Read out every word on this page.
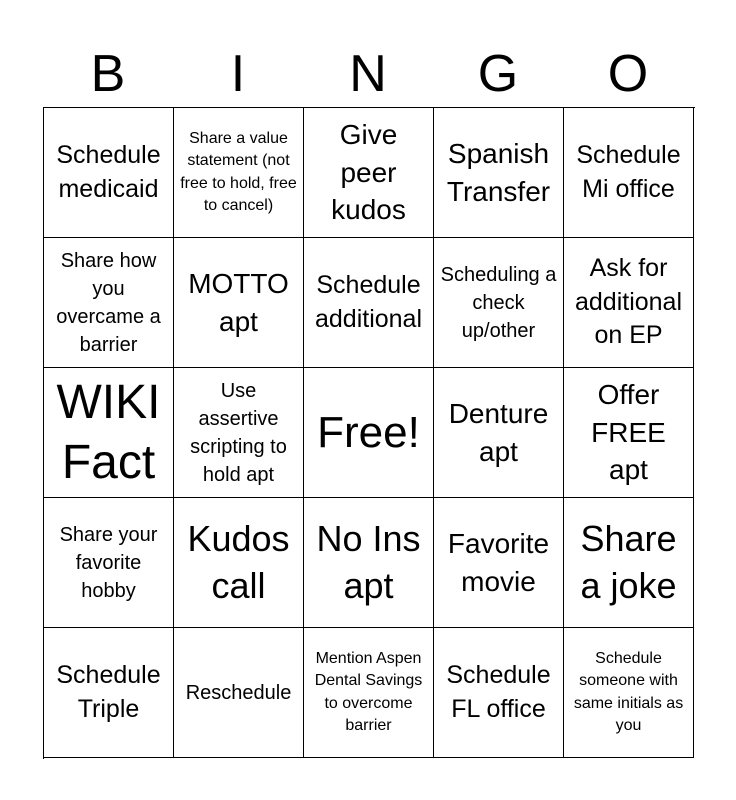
B	I	N	G	O
Schedule medicaid
Share a value statement (not free to hold, free to cancel)
Give peer kudos
Spanish Transfer
Schedule Mi office
Share how you overcame a barrier
MOTTO apt
Schedule additional
Scheduling a check up/other
Ask for additional on EP
WIKI Fact
Use assertive scripting to hold apt
Free!	Denture apt
Offer FREE apt
Share your favorite hobby
Kudos call
No Ins apt
Favorite movie
Share a joke
Schedule Triple
Reschedule
Mention Aspen Dental Savings to overcome barrier
Schedule FL office
Schedule someone with same initials as you
